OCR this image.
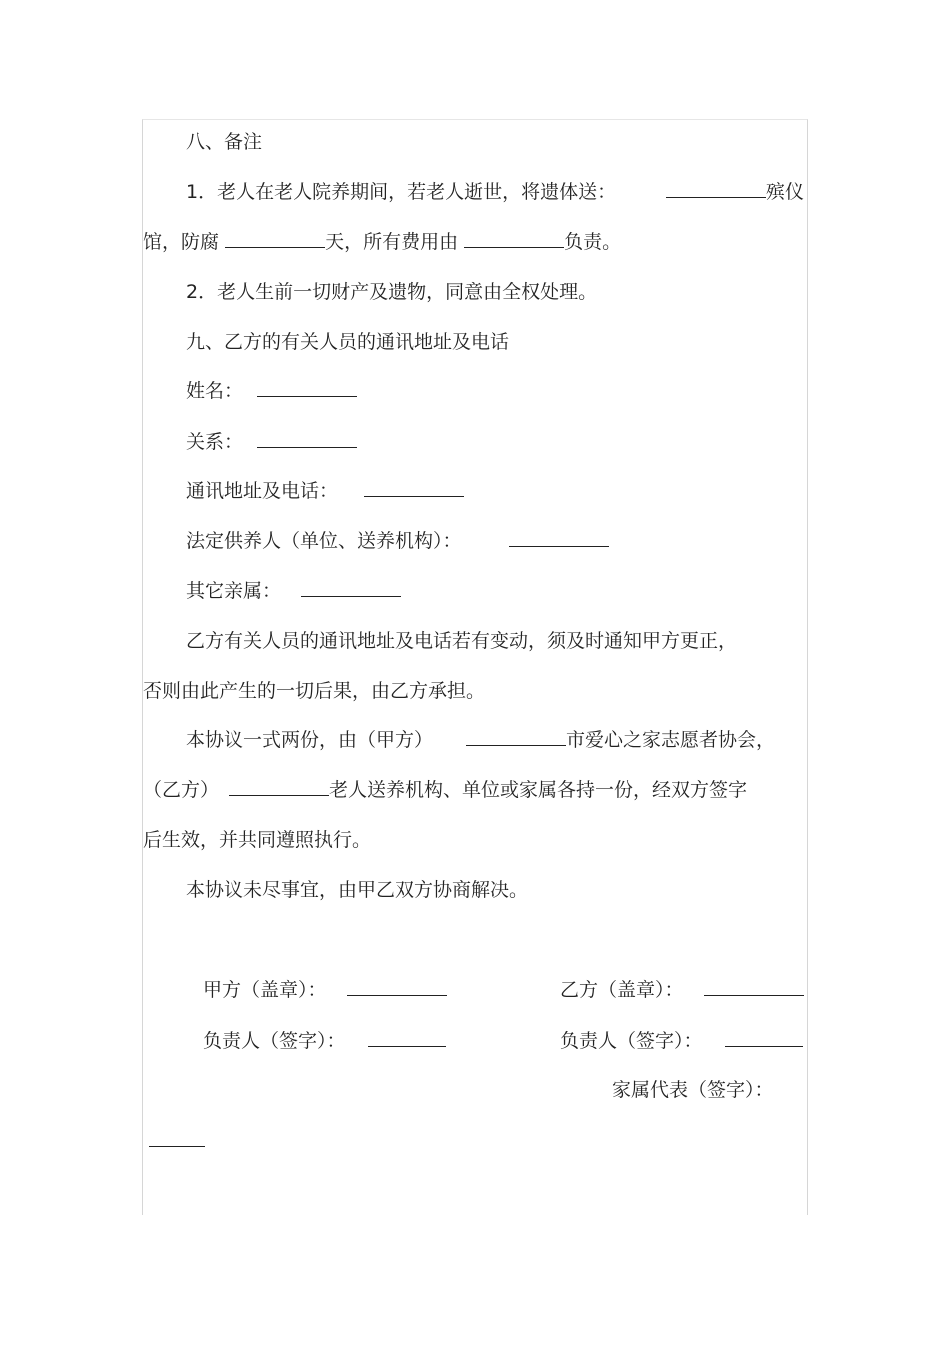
八、备注
1．老人在老人院养期间，若老人逝世，将遗体送：	殡仪
馆，防腐	天，所有费用由	负责。
2．老人生前一切财产及遗物，同意由全权处理。
九、乙方的有关人员的通讯地址及电话
姓名：
关系：
通讯地址及电话：
法定供养人（单位、送养机构）：
其它亲属：
乙方有关人员的通讯地址及电话若有变动，须及时通知甲方更正，
否则由此产生的一切后果，由乙方承担。
本协议一式两份，由（甲方）	市爱心之家志愿者协会，
（乙方）	老人送养机构、单位或家属各持一份，经双方签字
后生效，并共同遵照执行。
本协议未尽事宜，由甲乙双方协商解决。
甲方（盖章）：	乙方（盖章）：
负责人（签字）：	负责人（签字）：
家属代表（签字）：
